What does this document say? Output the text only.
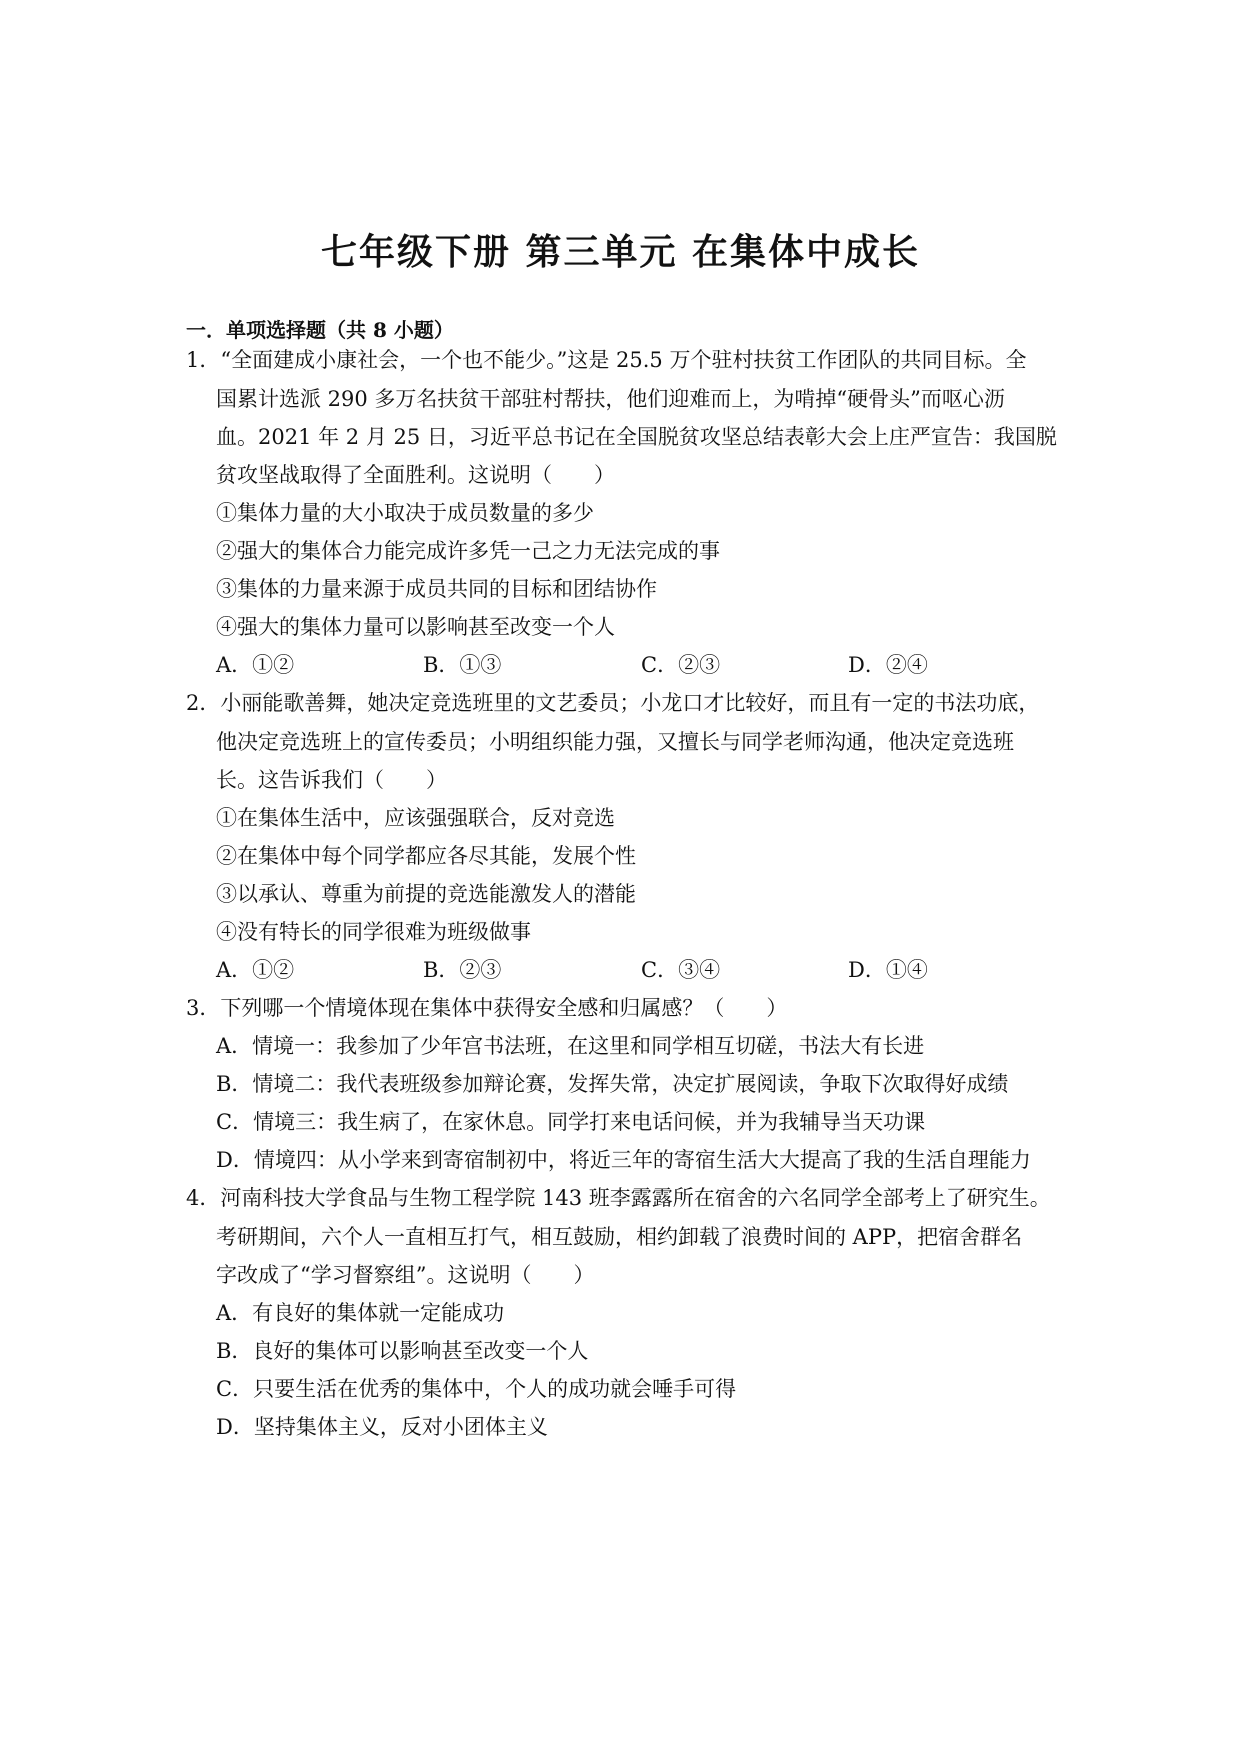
七年级下册 第三单元 在集体中成长
一．单项选择题（共 8 小题）
1．“全面建成小康社会，一个也不能少。”这是 25.5 万个驻村扶贫工作团队的共同目标。全
国累计选派 290 多万名扶贫干部驻村帮扶，他们迎难而上，为啃掉“硬骨头”而呕心沥
血。2021 年 2 月 25 日，习近平总书记在全国脱贫攻坚总结表彰大会上庄严宣告：我国脱
贫攻坚战取得了全面胜利。这说明（　　）
①集体力量的大小取决于成员数量的多少
②强大的集体合力能完成许多凭一己之力无法完成的事
③集体的力量来源于成员共同的目标和团结协作
④强大的集体力量可以影响甚至改变一个人
A．①②	B．①③	C．②③	D．②④
2．小丽能歌善舞，她决定竞选班里的文艺委员；小龙口才比较好，而且有一定的书法功底，
他决定竞选班上的宣传委员；小明组织能力强，又擅长与同学老师沟通，他决定竞选班
长。这告诉我们（　　）
①在集体生活中，应该强强联合，反对竞选
②在集体中每个同学都应各尽其能，发展个性
③以承认、尊重为前提的竞选能激发人的潜能
④没有特长的同学很难为班级做事
A．①②	B．②③	C．③④	D．①④
3．下列哪一个情境体现在集体中获得安全感和归属感？（　　）
A．情境一：我参加了少年宫书法班，在这里和同学相互切磋，书法大有长进
B．情境二：我代表班级参加辩论赛，发挥失常，决定扩展阅读，争取下次取得好成绩
C．情境三：我生病了，在家休息。同学打来电话问候，并为我辅导当天功课
D．情境四：从小学来到寄宿制初中，将近三年的寄宿生活大大提高了我的生活自理能力
4．河南科技大学食品与生物工程学院 143 班李露露所在宿舍的六名同学全部考上了研究生。
考研期间，六个人一直相互打气，相互鼓励，相约卸载了浪费时间的 APP，把宿舍群名
字改成了“学习督察组”。这说明（　　）
A．有良好的集体就一定能成功
B．良好的集体可以影响甚至改变一个人
C．只要生活在优秀的集体中，个人的成功就会唾手可得
D．坚持集体主义，反对小团体主义
